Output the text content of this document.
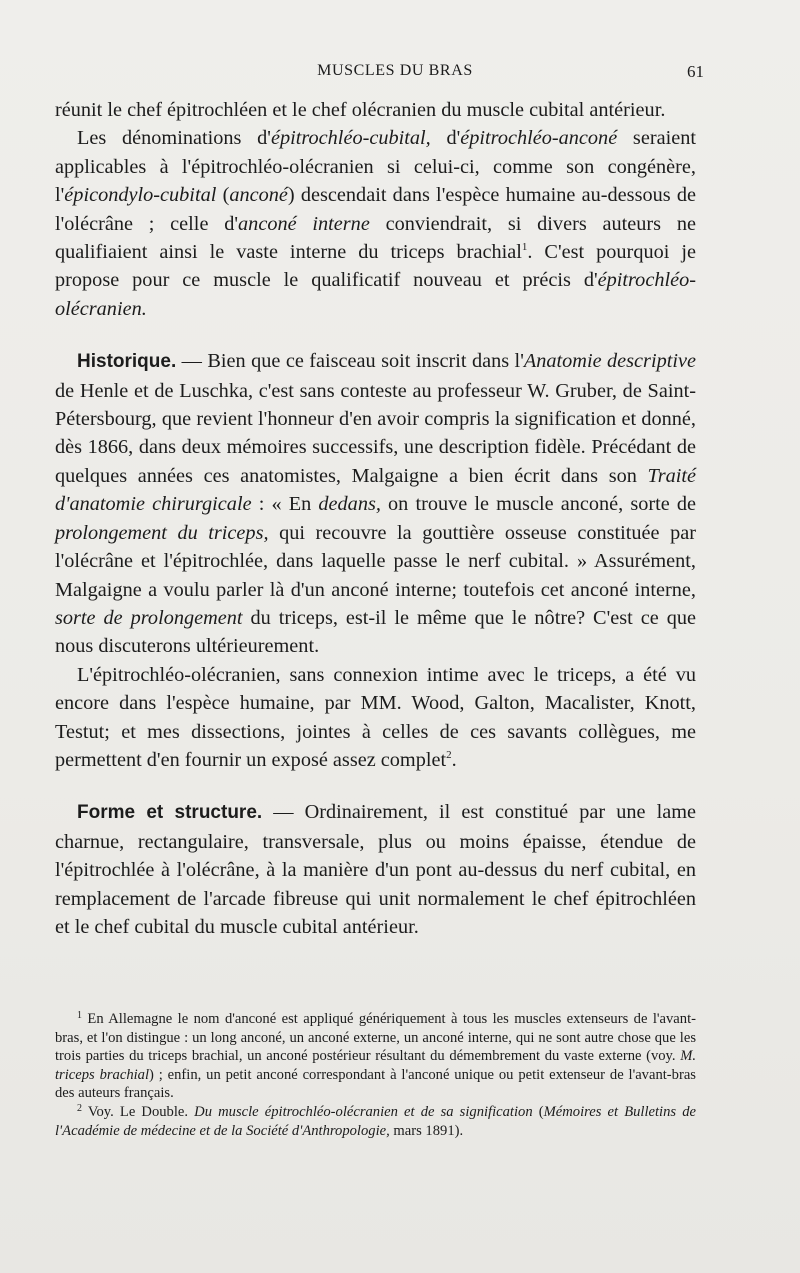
MUSCLES DU BRAS	61

réunit le chef épitrochléen et le chef olécranien du muscle cubital antérieur.

Les dénominations d'épitrochléo-cubital, d'épitrochléo-anconé seraient applicables à l'épitrochléo-olécranien si celui-ci, comme son congénère, l'épicondylo-cubital (anconé) descendait dans l'espèce humaine au-dessous de l'olécrâne ; celle d'anconé interne conviendrait, si divers auteurs ne qualifiaient ainsi le vaste interne du triceps brachial$^1$. C'est pourquoi je propose pour ce muscle le qualificatif nouveau et précis d'épitrochléo-olécranien.

Historique. — Bien que ce faisceau soit inscrit dans l'Anatomie descriptive de Henle et de Luschka, c'est sans conteste au professeur W. Gruber, de Saint-Pétersbourg, que revient l'honneur d'en avoir compris la signification et donné, dès 1866, dans deux mémoires successifs, une description fidèle. Précédant de quelques années ces anatomistes, Malgaigne a bien écrit dans son Traité d'anatomie chirurgicale : « En dedans, on trouve le muscle anconé, sorte de prolongement du triceps, qui recouvre la gouttière osseuse constituée par l'olécrâne et l'épitrochlée, dans laquelle passe le nerf cubital. » Assurément, Malgaigne a voulu parler là d'un anconé interne; toutefois cet anconé interne, sorte de prolongement du triceps, est-il le même que le nôtre? C'est ce que nous discuterons ultérieurement.

L'épitrochléo-olécranien, sans connexion intime avec le triceps, a été vu encore dans l'espèce humaine, par MM. Wood, Galton, Macalister, Knott, Testut; et mes dissections, jointes à celles de ces savants collègues, me permettent d'en fournir un exposé assez complet$^2$.

Forme et structure. — Ordinairement, il est constitué par une lame charnue, rectangulaire, transversale, plus ou moins épaisse, étendue de l'épitrochlée à l'olécrâne, à la manière d'un pont au-dessus du nerf cubital, en remplacement de l'arcade fibreuse qui unit normalement le chef épitrochléen et le chef cubital du muscle cubital antérieur.

$^1$ En Allemagne le nom d'anconé est appliqué génériquement à tous les muscles extenseurs de l'avant-bras, et l'on distingue : un long anconé, un anconé externe, un anconé interne, qui ne sont autre chose que les trois parties du triceps brachial, un anconé postérieur résultant du démembrement du vaste externe (voy. M. triceps brachial) ; enfin, un petit anconé correspondant à l'anconé unique ou petit extenseur de l'avant-bras des auteurs français.

$^2$ Voy. Le Double. Du muscle épitrochléo-olécranien et de sa signification (Mémoires et Bulletins de l'Académie de médecine et de la Société d'Anthropologie, mars 1891).
